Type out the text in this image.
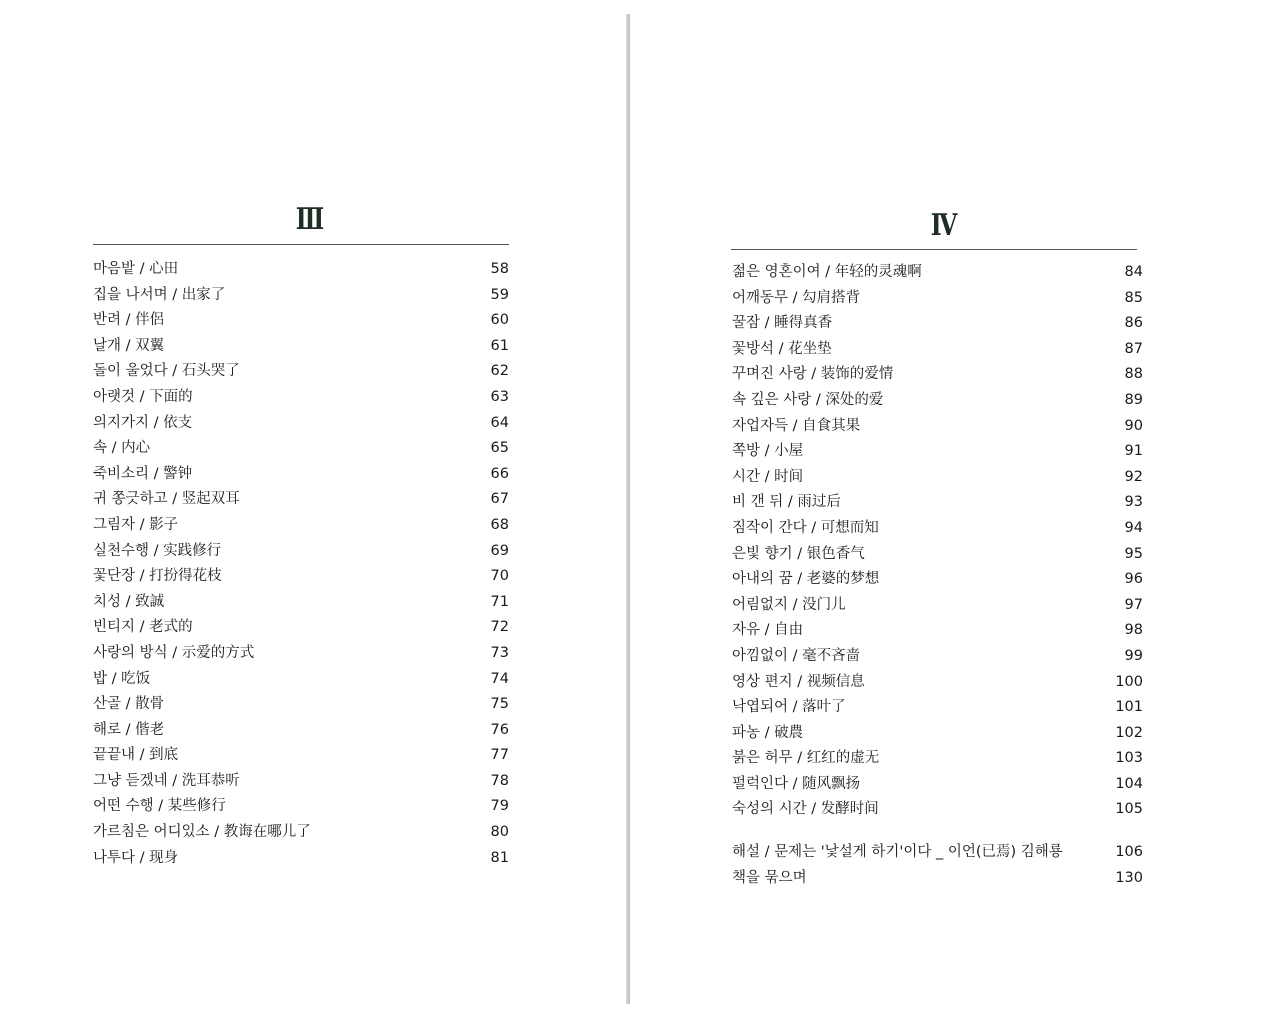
Ⅲ
마음밭 / 心田	58
집을 나서며 / 出家了	59
반려 / 伴侶	60
날개 / 双翼	61
돌이 울었다 / 石头哭了	62
아랫것 / 下面的	63
의지가지 / 依支	64
속 / 内心	65
죽비소리 / 警钟	66
귀 쫑긋하고 / 竖起双耳	67
그림자 / 影子	68
실천수행 / 实践修行	69
꽃단장 / 打扮得花枝	70
치성 / 致誠	71
빈티지 / 老式的	72
사랑의 방식 / 示爱的方式	73
밥 / 吃饭	74
산골 / 散骨	75
해로 / 偕老	76
끝끝내 / 到底	77
그냥 듣겠네 / 洗耳恭听	78
어떤 수행 / 某些修行	79
가르침은 어디있소 / 教诲在哪儿了	80
나투다 / 现身	81
Ⅳ
젊은 영혼이여 / 年轻的灵魂啊	84
어깨동무 / 勾肩搭背	85
꿀잠 / 睡得真香	86
꽃방석 / 花坐垫	87
꾸며진 사랑 / 装饰的爱情	88
속 깊은 사랑 / 深处的爱	89
자업자득 / 自食其果	90
쪽방 / 小屋	91
시간 / 时间	92
비 갠 뒤 / 雨过后	93
짐작이 간다 / 可想而知	94
은빛 향기 / 银色香气	95
아내의 꿈 / 老婆的梦想	96
어림없지 / 没门儿	97
자유 / 自由	98
아낌없이 / 毫不吝啬	99
영상 편지 / 视频信息	100
낙엽되어 / 落叶了	101
파농 / 破農	102
붉은 허무 / 红红的虚无	103
펄럭인다 / 随风飘扬	104
숙성의 시간 / 发酵时间	105
해설 / 문제는 '낯설게 하기'이다 _ 이언(已焉) 김해룡	106
책을 묶으며	130
